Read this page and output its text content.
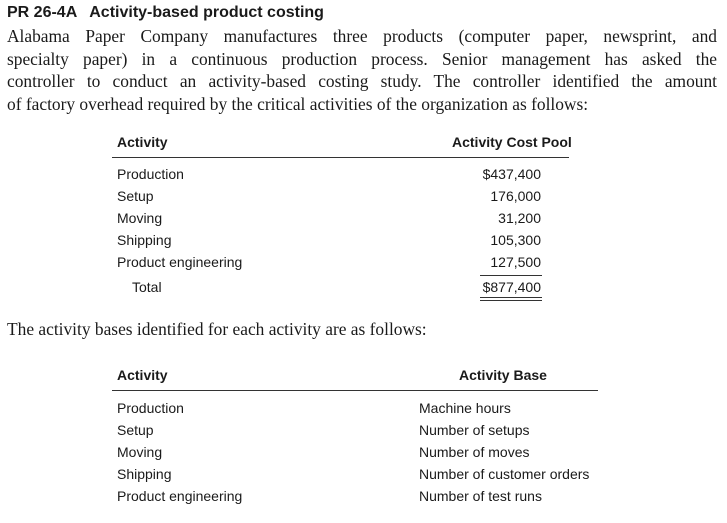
PR 26-4A Activity-based product costing
Alabama Paper Company manufactures three products (computer paper, newsprint, and
specialty paper) in a continuous production process. Senior management has asked the
controller to conduct an activity-based costing study. The controller identified the amount
of factory overhead required by the critical activities of the organization as follows:
Activity	Activity Cost Pool
Production	$437,400
Setup	176,000
Moving	31,200
Shipping	105,300
Product engineering	127,500
Total	$877,400
The activity bases identified for each activity are as follows:
Activity	Activity Base
Production	Machine hours
Setup	Number of setups
Moving	Number of moves
Shipping	Number of customer orders
Product engineering	Number of test runs
